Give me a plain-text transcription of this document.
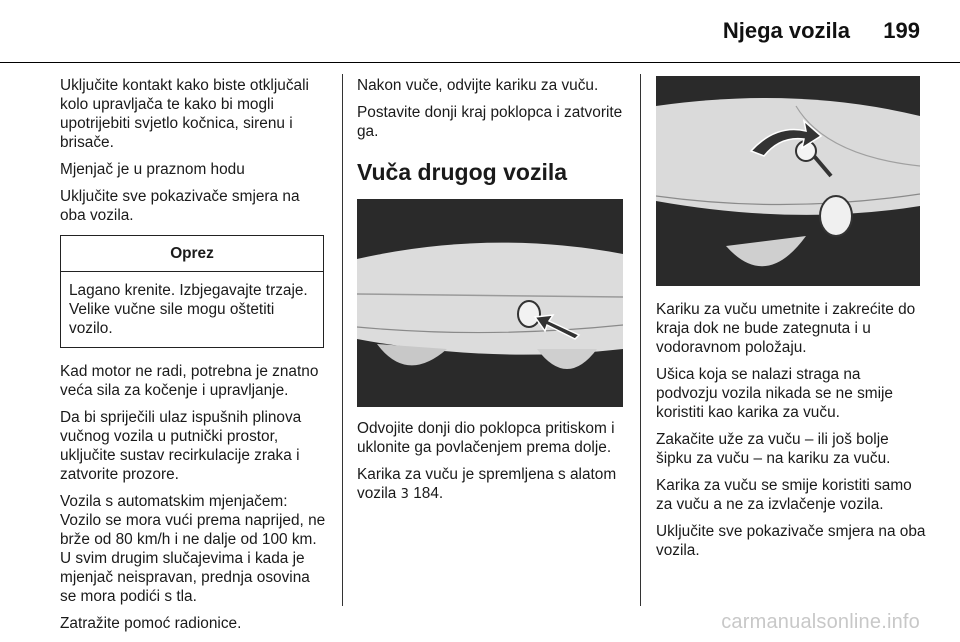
Njega vozila 199

Uključite kontakt kako biste otključali kolo upravljača te kako bi mogli upotrijebiti svjetlo kočnica, sirenu i brisače.

Mjenjač je u praznom hodu

Uključite sve pokazivače smjera na oba vozila.

Oprez
Lagano krenite. Izbjegavajte trzaje. Velike vučne sile mogu oštetiti vozilo.

Kad motor ne radi, potrebna je znatno veća sila za kočenje i upravljanje.

Da bi spriječili ulaz ispušnih plinova vučnog vozila u putnički prostor, uključite sustav recirkulacije zraka i zatvorite prozore.

Vozila s automatskim mjenjačem: Vozilo se mora vući prema naprijed, ne brže od 80 km/h i ne dalje od 100 km. U svim drugim slučajevima i kada je mjenjač neispravan, prednja osovina se mora podići s tla.

Zatražite pomoć radionice.

Nakon vuče, odvijte kariku za vuču.

Postavite donji kraj poklopca i zatvorite ga.

Vuča drugog vozila

Odvojite donji dio poklopca pritiskom i uklonite ga povlačenjem prema dolje.

Karika za vuču je spremljena s alatom vozila 3 184.

Kariku za vuču umetnite i zakrećite do kraja dok ne bude zategnuta i u vodoravnom položaju.

Ušica koja se nalazi straga na podvozju vozila nikada se ne smije koristiti kao karika za vuču.

Zakačite uže za vuču – ili još bolje šipku za vuču – na kariku za vuču.

Karika za vuču se smije koristiti samo za vuču a ne za izvlačenje vozila.

Uključite sve pokazivače smjera na oba vozila.

carmanualsonline.info
